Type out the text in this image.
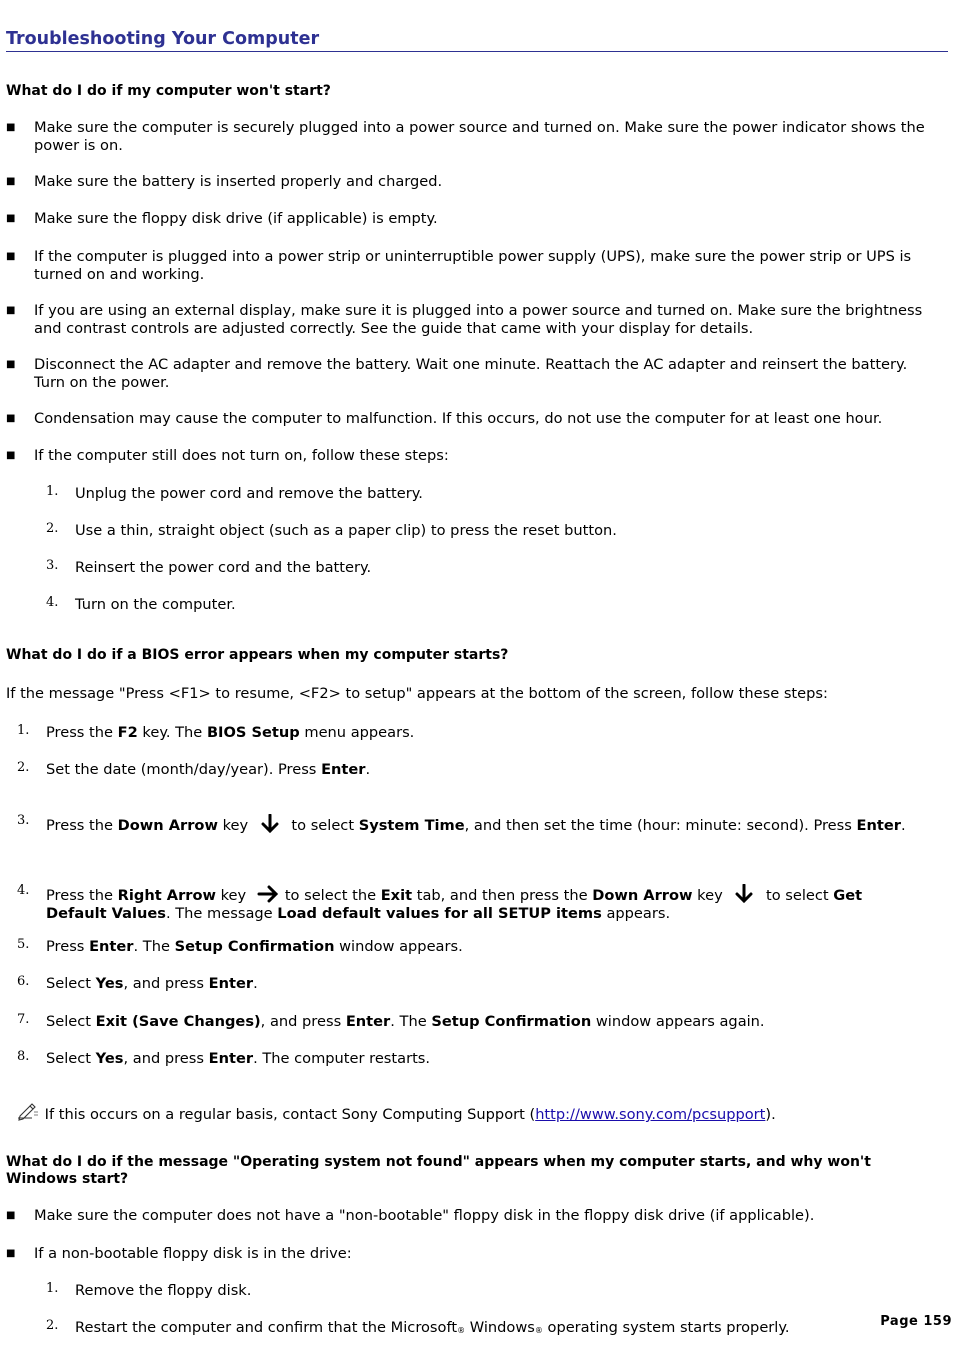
Troubleshooting Your Computer
What do I do if my computer won't start?
■ Make sure the computer is securely plugged into a power source and turned on. Make sure the power indicator shows the power is on.
■ Make sure the battery is inserted properly and charged.
■ Make sure the floppy disk drive (if applicable) is empty.
■ If the computer is plugged into a power strip or uninterruptible power supply (UPS), make sure the power strip or UPS is turned on and working.
■ If you are using an external display, make sure it is plugged into a power source and turned on. Make sure the brightness and contrast controls are adjusted correctly. See the guide that came with your display for details.
■ Disconnect the AC adapter and remove the battery. Wait one minute. Reattach the AC adapter and reinsert the battery. Turn on the power.
■ Condensation may cause the computer to malfunction. If this occurs, do not use the computer for at least one hour.
■ If the computer still does not turn on, follow these steps:
1. Unplug the power cord and remove the battery.
2. Use a thin, straight object (such as a paper clip) to press the reset button.
3. Reinsert the power cord and the battery.
4. Turn on the computer.
What do I do if a BIOS error appears when my computer starts?
If the message "Press <F1> to resume, <F2> to setup" appears at the bottom of the screen, follow these steps:
1. Press the F2 key. The BIOS Setup menu appears.
2. Set the date (month/day/year). Press Enter.
3. Press the Down Arrow key  to select System Time, and then set the time (hour: minute: second). Press Enter.
4. Press the Right Arrow key to select the Exit tab, and then press the Down Arrow key  to select Get Default Values. The message Load default values for all SETUP items appears.
5. Press Enter. The Setup Confirmation window appears.
6. Select Yes, and press Enter.
7. Select Exit (Save Changes), and press Enter. The Setup Confirmation window appears again.
8. Select Yes, and press Enter. The computer restarts.
If this occurs on a regular basis, contact Sony Computing Support (http://www.sony.com/pcsupport).
What do I do if the message "Operating system not found" appears when my computer starts, and why won't Windows start?
■ Make sure the computer does not have a "non-bootable" floppy disk in the floppy disk drive (if applicable).
■ If a non-bootable floppy disk is in the drive:
1. Remove the floppy disk.
2. Restart the computer and confirm that the Microsoft® Windows® operating system starts properly.	Page 159
